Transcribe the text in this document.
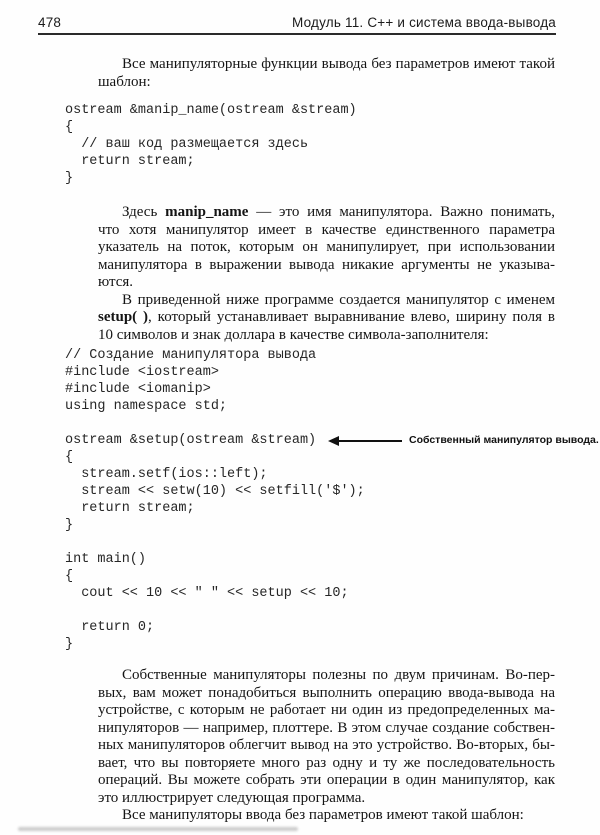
478	Модуль 11. C++ и система ввода-вывода

Все манипуляторные функции вывода без параметров имеют такой
шаблон:

ostream &manip_name(ostream &stream)
{
// ваш код размещается здесь
return stream;
}

Здесь manip_name — это имя манипулятора. Важно понимать,
что хотя манипулятор имеет в качестве единственного параметра
указатель на поток, которым он манипулирует, при использовании
манипулятора в выражении вывода никакие аргументы не указыва-
ются.

В приведенной ниже программе создается манипулятор с именем
setup( ), который устанавливает выравнивание влево, ширину поля в
10 символов и знак доллара в качестве символа-заполнителя:

// Создание манипулятора вывода
#include <iostream>
#include <iomanip>
using namespace std;
ostream &setup(ostream &stream)
{
stream.setf(ios::left);
stream << setw(10) << setfill('$');
return stream;
}
int main()
{
cout << 10 << " " << setup << 10;
return 0;
}
Собственный манипулятор вывода.

Собственные манипуляторы полезны по двум причинам. Во-пер-
вых, вам может понадобиться выполнить операцию ввода-вывода на
устройстве, с которым не работает ни один из предопределенных ма-
нипуляторов — например, плоттере. В этом случае создание собствен-
ных манипуляторов облегчит вывод на это устройство. Во-вторых, бы-
вает, что вы повторяете много раз одну и ту же последовательность
операций. Вы можете собрать эти операции в один манипулятор, как
это иллюстрирует следующая программа.

Все манипуляторы ввода без параметров имеют такой шаблон:
